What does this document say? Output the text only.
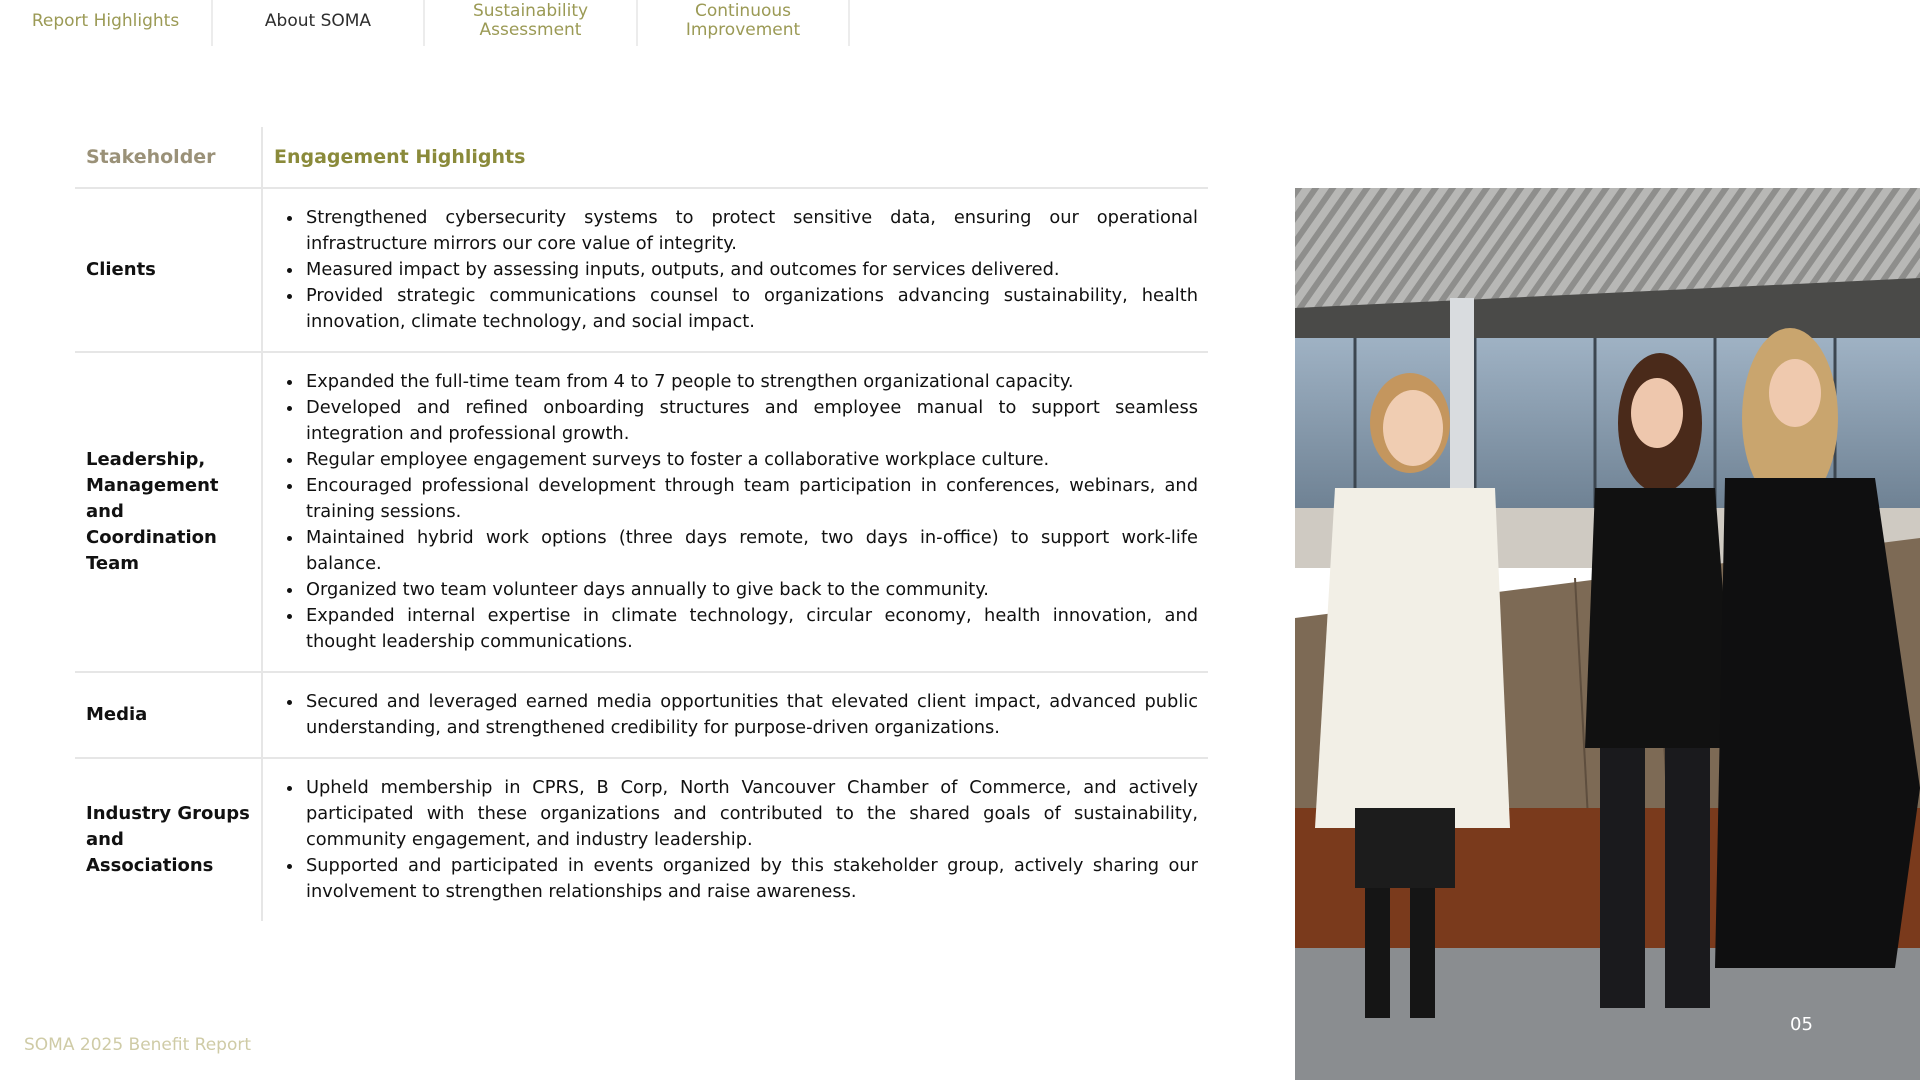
Report Highlights	About SOMA	Sustainability Assessment
Continuous Improvement
Stakeholder	Engagement Highlights
Clients
• Strengthened cybersecurity systems to protect sensitive data, ensuring our operational infrastructure mirrors our core value of integrity.
• Measured impact by assessing inputs, outputs, and outcomes for services delivered.
• Provided strategic communications counsel to organizations advancing sustainability, health innovation, climate technology, and social impact.
Leadership, Management and Coordination Team
• Expanded the full-time team from 4 to 7 people to strengthen organizational capacity.
• Developed and refined onboarding structures and employee manual to support seamless integration and professional growth.
• Regular employee engagement surveys to foster a collaborative workplace culture.
• Encouraged professional development through team participation in conferences, webinars, and training sessions.
• Maintained hybrid work options (three days remote, two days in-office) to support work-life balance.
• Organized two team volunteer days annually to give back to the community.
• Expanded internal expertise in climate technology, circular economy, health innovation, and thought leadership communications.
Media
• Secured and leveraged earned media opportunities that elevated client impact, advanced public understanding, and strengthened credibility for purpose-driven organizations.
Industry Groups and Associations
• Upheld membership in CPRS, B Corp, North Vancouver Chamber of Commerce, and actively participated with these organizations and contributed to the shared goals of sustainability, community engagement, and industry leadership.
• Supported and participated in events organized by this stakeholder group, actively sharing our involvement to strengthen relationships and raise awareness.
05
SOMA 2025 Benefit Report
